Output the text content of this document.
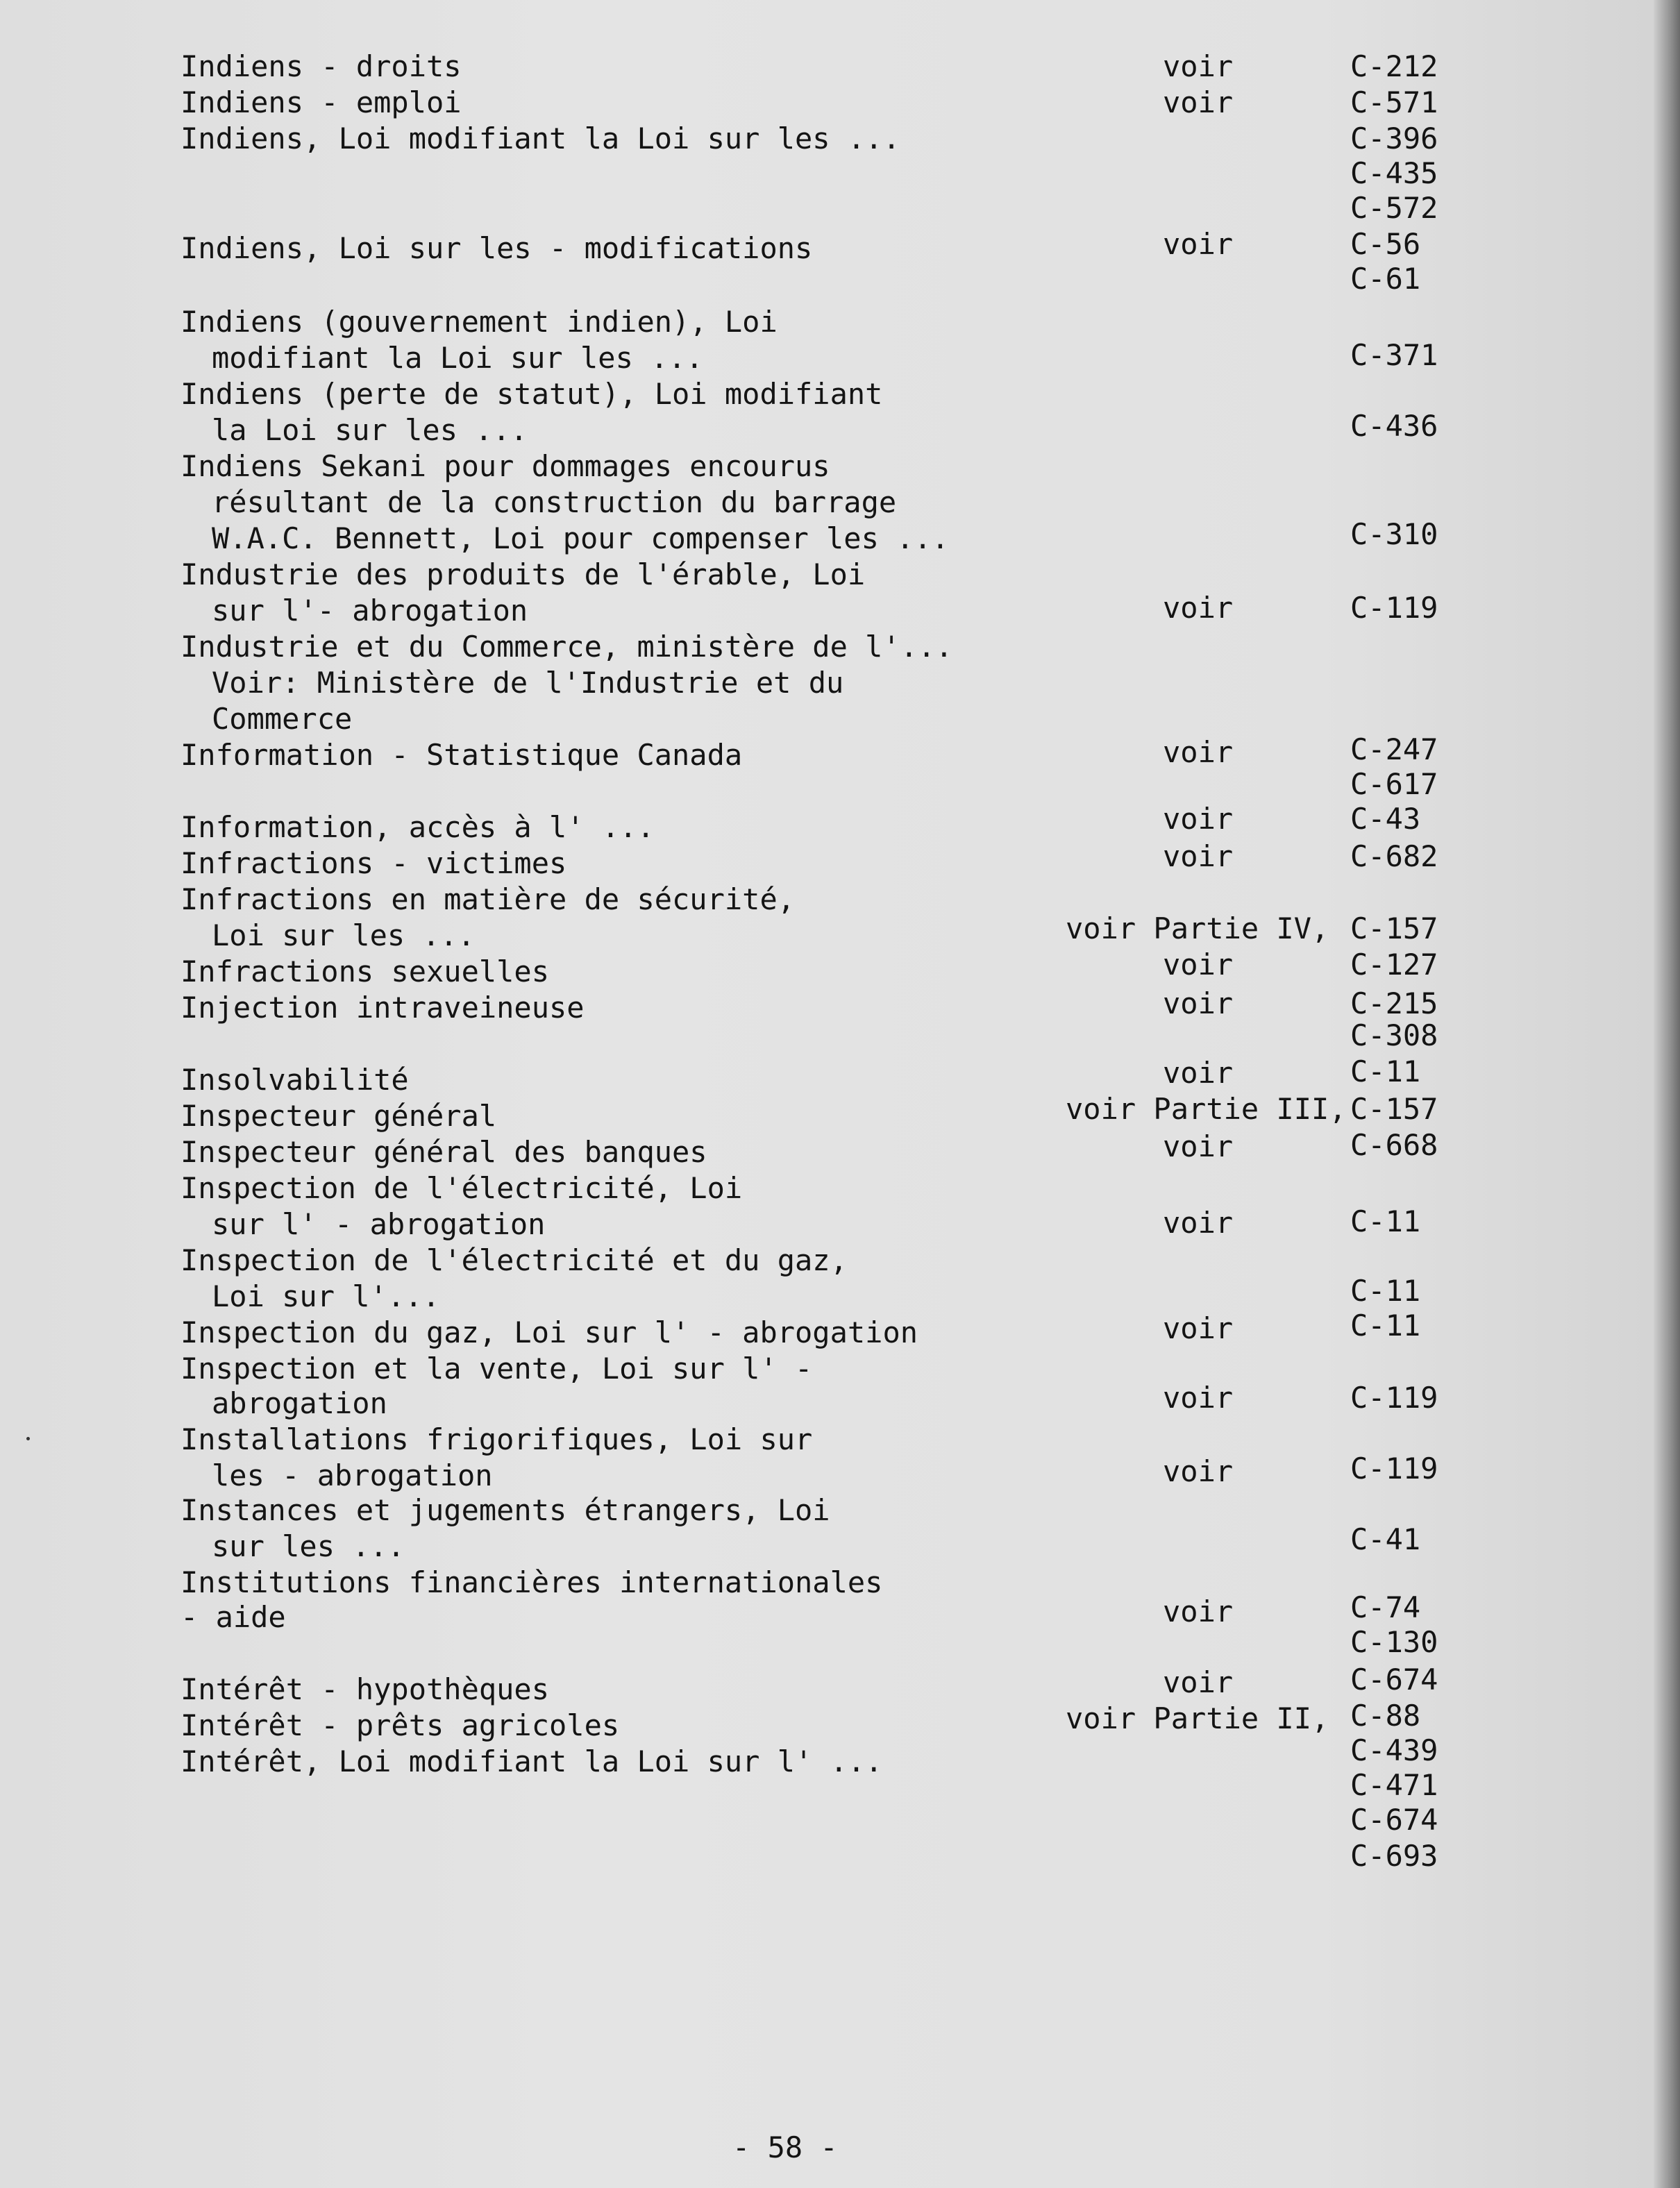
Indiens - droits	voir	C-212
Indiens - emploi	voir	C-571
Indiens, Loi modifiant la Loi sur les ...	C-396
C-435
C-572
Indiens, Loi sur les - modifications	voir	C-56
C-61
Indiens (gouvernement indien), Loi
modifiant la Loi sur les ...	C-371
Indiens (perte de statut), Loi modifiant
la Loi sur les ...	C-436
Indiens Sekani pour dommages encourus
résultant de la construction du barrage
W.A.C. Bennett, Loi pour compenser les ...	C-310
Industrie des produits de l'érable, Loi
sur l'- abrogation	voir	C-119
Industrie et du Commerce, ministère de l'...
Voir: Ministère de l'Industrie et du
Commerce
Information - Statistique Canada	voir	C-247
C-617
Information, accès à l' ...	voir	C-43
Infractions - victimes	voir	C-682
Infractions en matière de sécurité,
Loi sur les ...	voir Partie IV, C-157
Infractions sexuelles	voir	C-127
Injection intraveineuse	voir	C-215
C-308
Insolvabilité	voir	C-11
Inspecteur général	voir Partie III, C-157
Inspecteur général des banques	voir	C-668
Inspection de l'électricité, Loi
sur l' - abrogation	voir	C-11
Inspection de l'électricité et du gaz,
Loi sur l'...	C-11
Inspection du gaz, Loi sur l' - abrogation	voir	C-11
Inspection et la vente, Loi sur l' -
abrogation	voir	C-119
Installations frigorifiques, Loi sur
les - abrogation	voir	C-119
Instances et jugements étrangers, Loi
sur les ...	C-41
Institutions financières internationales
- aide	voir	C-74
C-130
Intérêt - hypothèques	voir	C-674
Intérêt - prêts agricoles	voir Partie II, C-88
Intérêt, Loi modifiant la Loi sur l' ...	C-439
C-471
C-674
C-693
- 58 -
